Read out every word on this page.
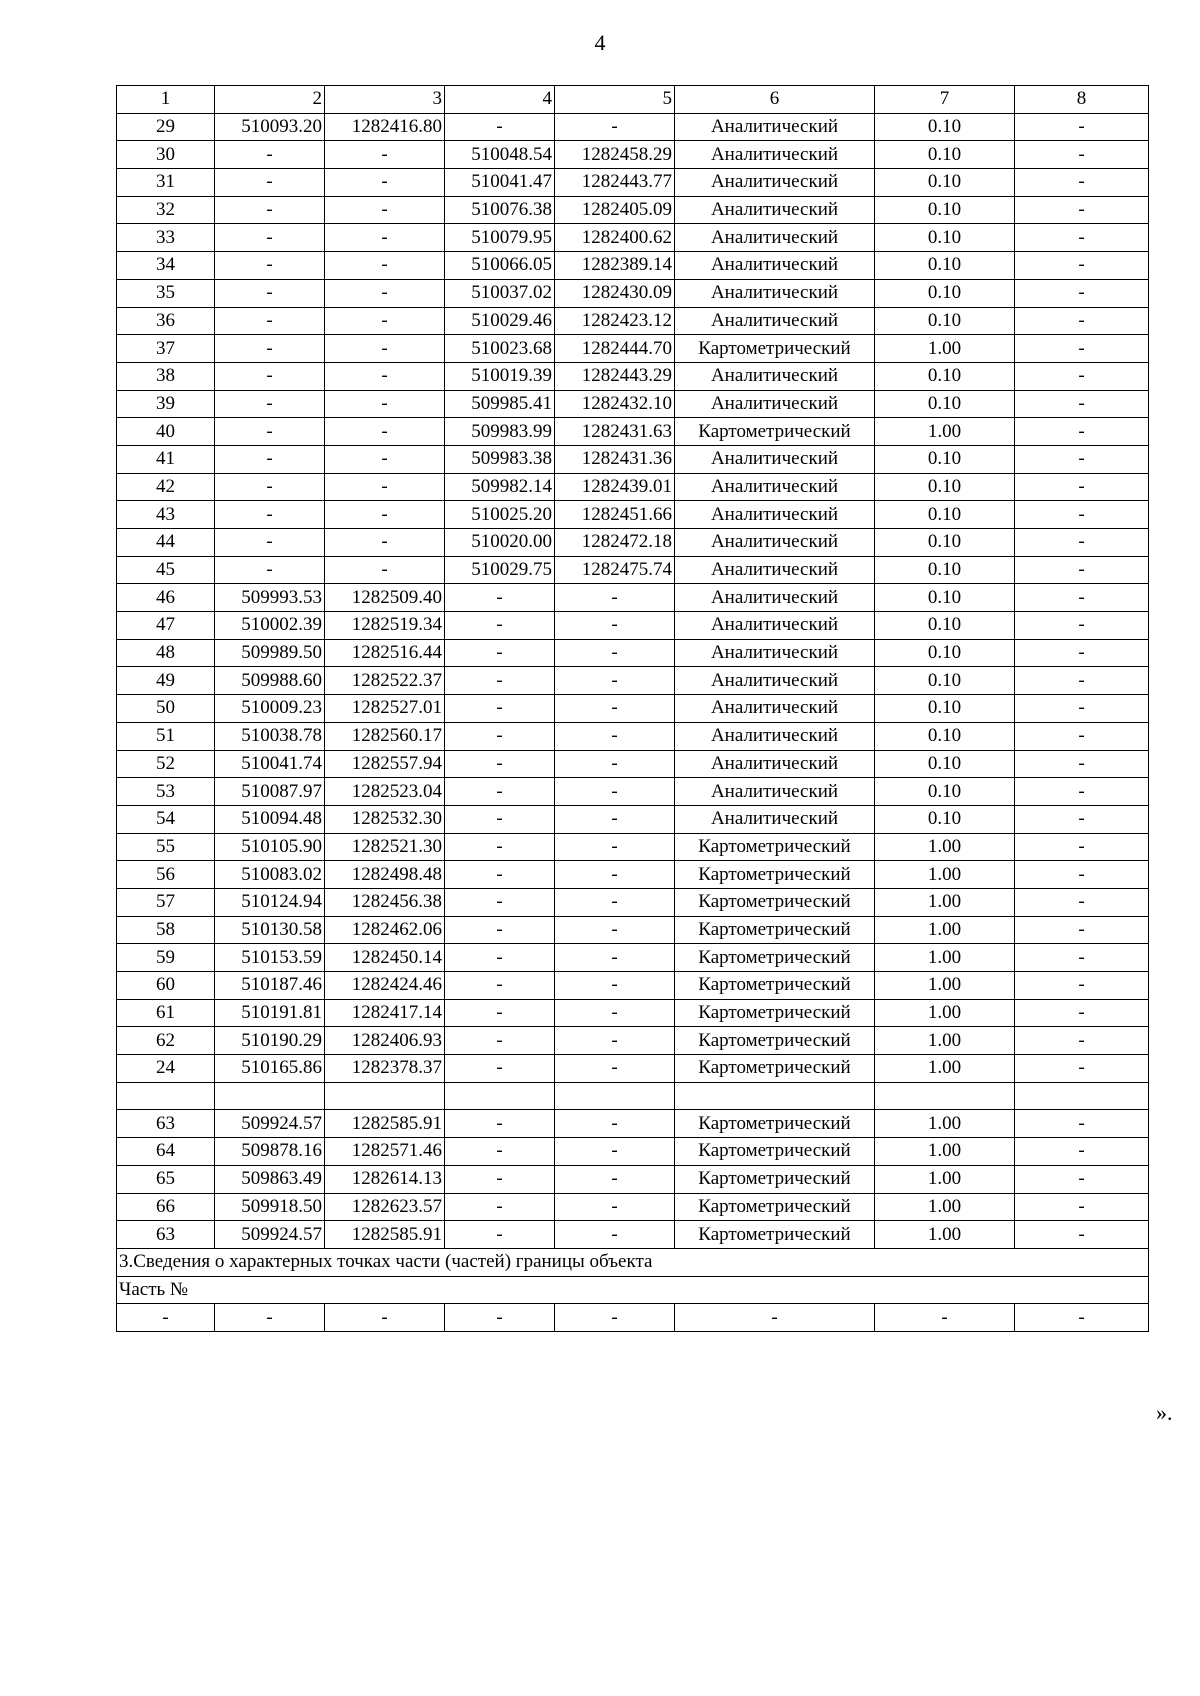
4
1	2	3	4	5	6	7	8
29	510093.20	1282416.80	-	-	Аналитический	0.10	-
30	-	-	510048.54	1282458.29	Аналитический	0.10	-
31	-	-	510041.47	1282443.77	Аналитический	0.10	-
32	-	-	510076.38	1282405.09	Аналитический	0.10	-
33	-	-	510079.95	1282400.62	Аналитический	0.10	-
34	-	-	510066.05	1282389.14	Аналитический	0.10	-
35	-	-	510037.02	1282430.09	Аналитический	0.10	-
36	-	-	510029.46	1282423.12	Аналитический	0.10	-
37	-	-	510023.68	1282444.70	Картометрический	1.00	-
38	-	-	510019.39	1282443.29	Аналитический	0.10	-
39	-	-	509985.41	1282432.10	Аналитический	0.10	-
40	-	-	509983.99	1282431.63	Картометрический	1.00	-
41	-	-	509983.38	1282431.36	Аналитический	0.10	-
42	-	-	509982.14	1282439.01	Аналитический	0.10	-
43	-	-	510025.20	1282451.66	Аналитический	0.10	-
44	-	-	510020.00	1282472.18	Аналитический	0.10	-
45	-	-	510029.75	1282475.74	Аналитический	0.10	-
46	509993.53	1282509.40	-	-	Аналитический	0.10	-
47	510002.39	1282519.34	-	-	Аналитический	0.10	-
48	509989.50	1282516.44	-	-	Аналитический	0.10	-
49	509988.60	1282522.37	-	-	Аналитический	0.10	-
50	510009.23	1282527.01	-	-	Аналитический	0.10	-
51	510038.78	1282560.17	-	-	Аналитический	0.10	-
52	510041.74	1282557.94	-	-	Аналитический	0.10	-
53	510087.97	1282523.04	-	-	Аналитический	0.10	-
54	510094.48	1282532.30	-	-	Аналитический	0.10	-
55	510105.90	1282521.30	-	-	Картометрический	1.00	-
56	510083.02	1282498.48	-	-	Картометрический	1.00	-
57	510124.94	1282456.38	-	-	Картометрический	1.00	-
58	510130.58	1282462.06	-	-	Картометрический	1.00	-
59	510153.59	1282450.14	-	-	Картометрический	1.00	-
60	510187.46	1282424.46	-	-	Картометрический	1.00	-
61	510191.81	1282417.14	-	-	Картометрический	1.00	-
62	510190.29	1282406.93	-	-	Картометрический	1.00	-
24	510165.86	1282378.37	-	-	Картометрический	1.00	-

63	509924.57	1282585.91	-	-	Картометрический	1.00	-
64	509878.16	1282571.46	-	-	Картометрический	1.00	-
65	509863.49	1282614.13	-	-	Картометрический	1.00	-
66	509918.50	1282623.57	-	-	Картометрический	1.00	-
63	509924.57	1282585.91	-	-	Картометрический	1.00	-
3.Сведения о характерных точках части (частей) границы объекта							
Часть №							
-	-	-	-	-	-	-	-
».
